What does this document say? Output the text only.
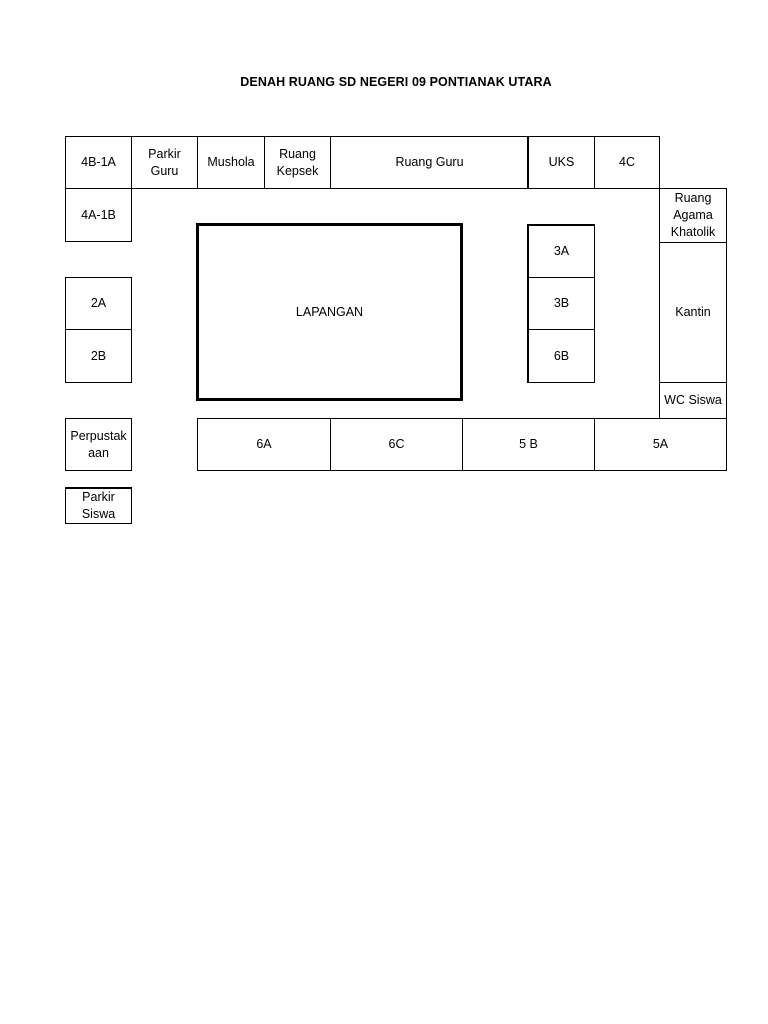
DENAH RUANG SD NEGERI 09 PONTIANAK UTARA
4B-1A
Parkir Guru
Mushola
Ruang Kepsek
Ruang Guru	UKS	4C
4A-1B
2A
2B
Perpustak aan
Parkir Siswa
LAPANGAN
3A
3B
6B
Ruang Agama Khatolik
Kantin
WC Siswa
6A	6C	5 B	5A
